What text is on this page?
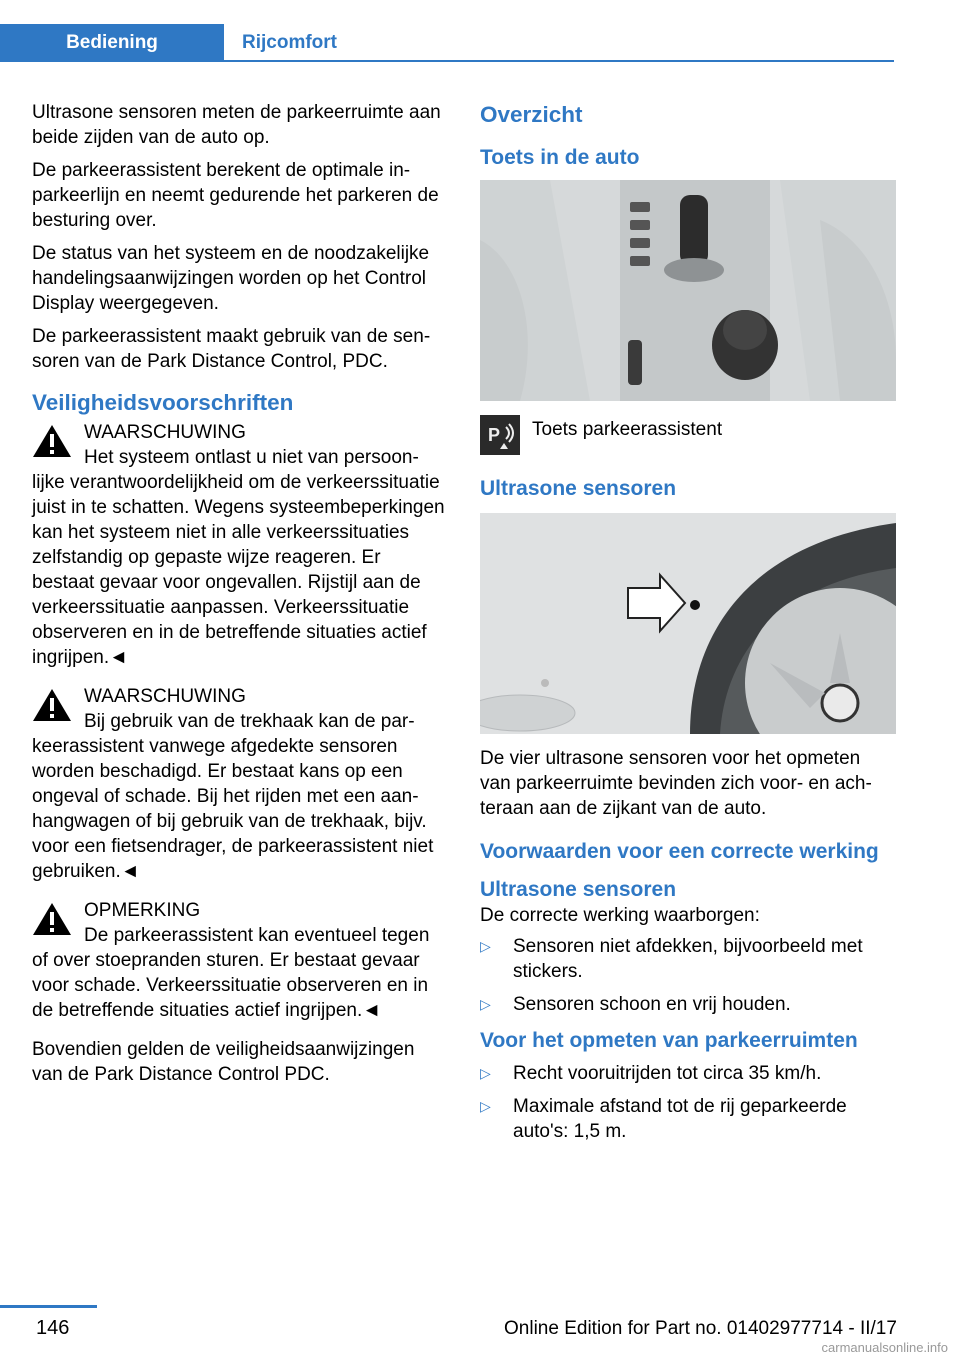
Bediening	Rijcomfort

Ultrasone sensoren meten de parkeerruimte aan beide zijden van de auto op.

De parkeerassistent berekent de optimale inparkeerlijn en neemt gedurende het parkeren de besturing over.

De status van het systeem en de noodzakelijke handelingsaanwijzingen worden op het Control Display weergegeven.

De parkeerassistent maakt gebruik van de sensoren van de Park Distance Control, PDC.

Veiligheidsvoorschriften
WAARSCHUWING
Het systeem ontlast u niet van persoon-
lijke verantwoordelijkheid om de verkeerssituatie juist in te schatten. Wegens systeembeperkingen kan het systeem niet in alle verkeerssituaties zelfstandig op gepaste wijze reageren. Er bestaat gevaar voor ongevallen. Rijstijl aan de verkeerssituatie aanpassen. Verkeerssituatie observeren en in de betreffende situaties actief ingrijpen.◄
WAARSCHUWING
Bij gebruik van de trekhaak kan de par-
keerassistent vanwege afgedekte sensoren worden beschadigd. Er bestaat kans op een ongeval of schade. Bij het rijden met een aanhangwagen of bij gebruik van de trekhaak, bijv. voor een fietsendrager, de parkeerassistent niet gebruiken.◄
OPMERKING
De parkeerassistent kan eventueel tegen
of over stoepranden sturen. Er bestaat gevaar voor schade. Verkeerssituatie observeren en in de betreffende situaties actief ingrijpen.◄

Bovendien gelden de veiligheidsaanwijzingen van de Park Distance Control PDC.

Overzicht
Toets in de auto
P Toets parkeerassistent
Ultrasone sensoren

De vier ultrasone sensoren voor het opmeten van parkeerruimte bevinden zich voor- en achteraan aan de zijkant van de auto.

Voorwaarden voor een correcte werking
Ultrasone sensoren

De correcte werking waarborgen:

▷ Sensoren niet afdekken, bijvoorbeeld met stickers.
▷ Sensoren schoon en vrij houden.
Voor het opmeten van parkeerruimten
▷ Recht vooruitrijden tot circa 35 km/h.
▷ Maximale afstand tot de rij geparkeerde auto's: 1,5 m.
146	Online Edition for Part no. 01402977714 - II/17
carmanualsonline.info
